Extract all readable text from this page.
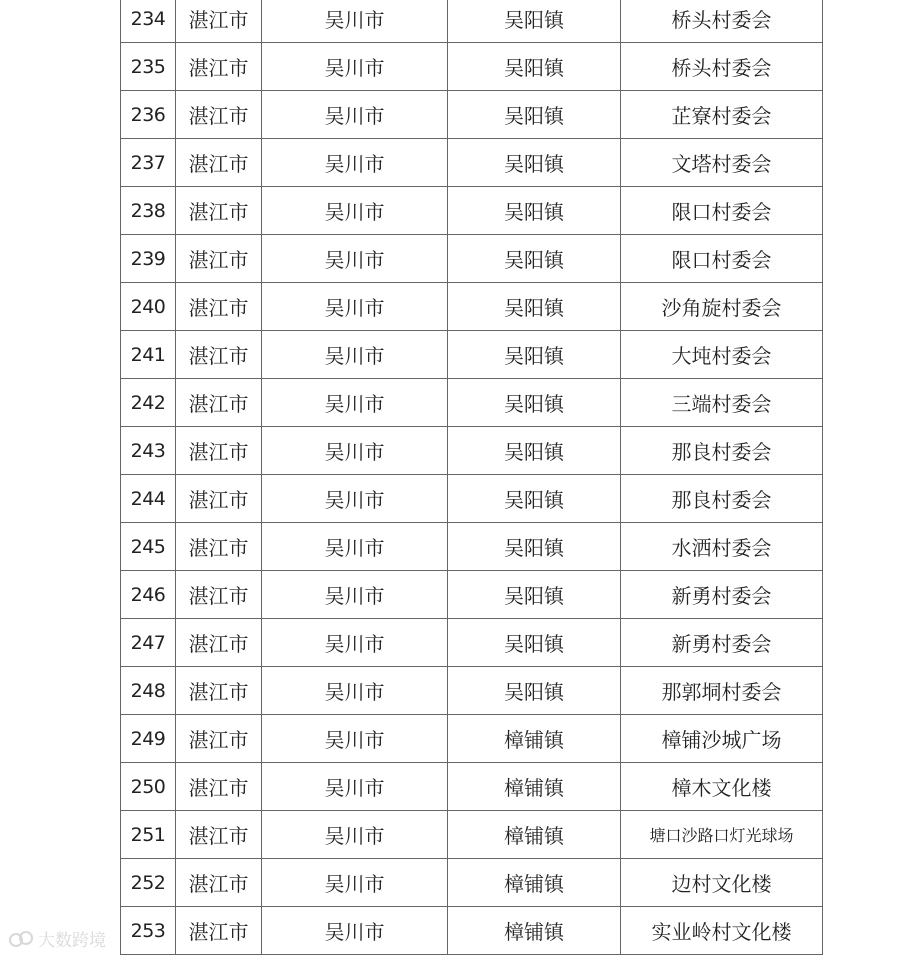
234	湛江市	吴川市	吴阳镇	桥头村委会
235	湛江市	吴川市	吴阳镇	桥头村委会
236	湛江市	吴川市	吴阳镇	芷寮村委会
237	湛江市	吴川市	吴阳镇	文塔村委会
238	湛江市	吴川市	吴阳镇	限口村委会
239	湛江市	吴川市	吴阳镇	限口村委会
240	湛江市	吴川市	吴阳镇	沙角旋村委会
241	湛江市	吴川市	吴阳镇	大坉村委会
242	湛江市	吴川市	吴阳镇	三端村委会
243	湛江市	吴川市	吴阳镇	那良村委会
244	湛江市	吴川市	吴阳镇	那良村委会
245	湛江市	吴川市	吴阳镇	水洒村委会
246	湛江市	吴川市	吴阳镇	新勇村委会
247	湛江市	吴川市	吴阳镇	新勇村委会
248	湛江市	吴川市	吴阳镇	那郭垌村委会
249	湛江市	吴川市	樟铺镇	樟铺沙城广场
250	湛江市	吴川市	樟铺镇	樟木文化楼
251	湛江市	吴川市	樟铺镇	塘口沙路口灯光球场
252	湛江市	吴川市	樟铺镇	边村文化楼
253	湛江市	吴川市	樟铺镇	实业岭村文化楼
大数跨境
